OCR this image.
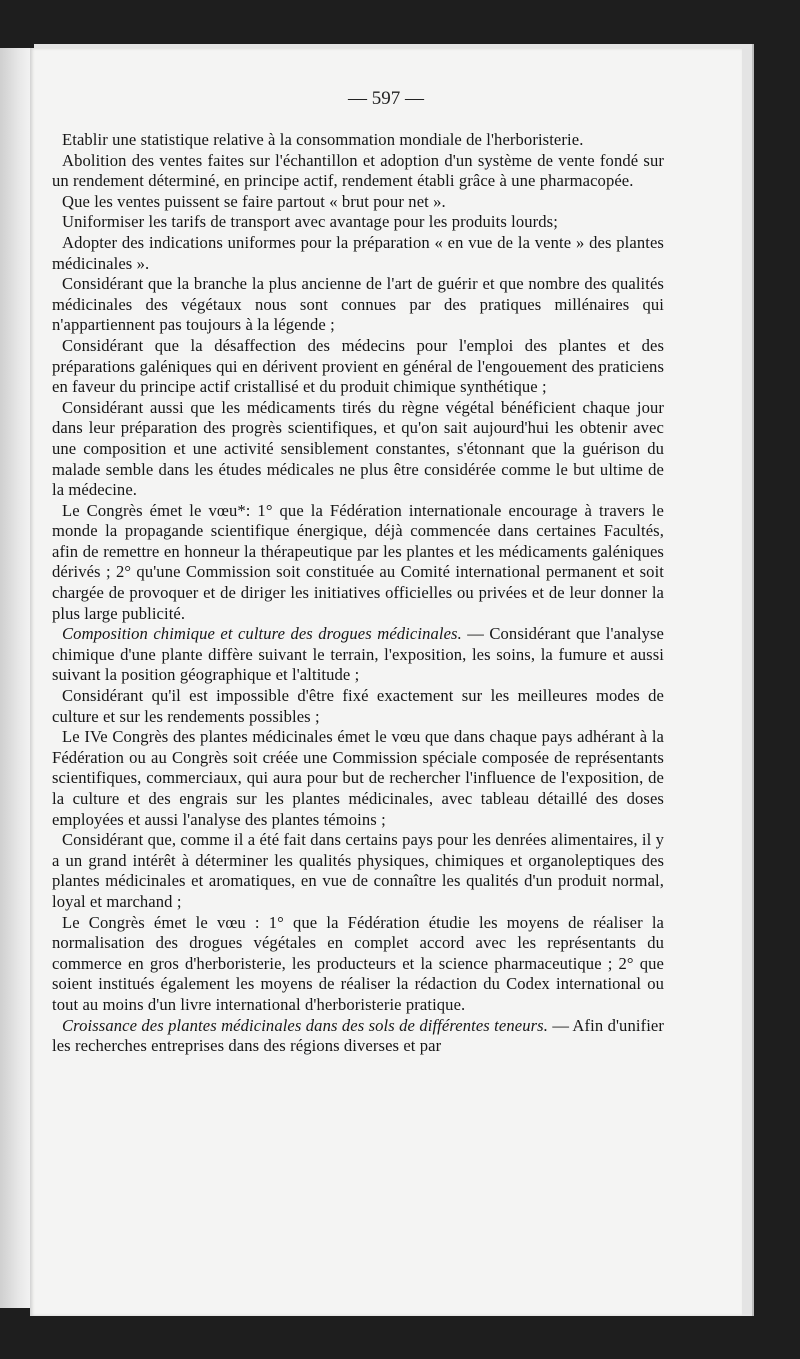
— 597 —

Etablir une statistique relative à la consommation mondiale de l'herboristerie.

Abolition des ventes faites sur l'échantillon et adoption d'un système de vente fondé sur un rendement déterminé, en principe actif, rendement établi grâce à une pharmacopée.

Que les ventes puissent se faire partout « brut pour net ».

Uniformiser les tarifs de transport avec avantage pour les produits lourds;

Adopter des indications uniformes pour la préparation « en vue de la vente » des plantes médicinales ».

Considérant que la branche la plus ancienne de l'art de guérir et que nombre des qualités médicinales des végétaux nous sont connues par des pratiques millénaires qui n'appartiennent pas toujours à la légende ;

Considérant que la désaffection des médecins pour l'emploi des plantes et des préparations galéniques qui en dérivent provient en général de l'engouement des praticiens en faveur du principe actif cristallisé et du produit chimique synthétique ;

Considérant aussi que les médicaments tirés du règne végétal bénéficient chaque jour dans leur préparation des progrès scientifiques, et qu'on sait aujourd'hui les obtenir avec une composition et une activité sensiblement constantes, s'étonnant que la guérison du malade semble dans les études médicales ne plus être considérée comme le but ultime de la médecine.

Le Congrès émet le vœu*: 1° que la Fédération internationale encourage à travers le monde la propagande scientifique énergique, déjà commencée dans certaines Facultés, afin de remettre en honneur la thérapeutique par les plantes et les médicaments galéniques dérivés ; 2° qu'une Commission soit constituée au Comité international permanent et soit chargée de provoquer et de diriger les initiatives officielles ou privées et de leur donner la plus large publicité.

Composition chimique et culture des drogues médicinales. — Considérant que l'analyse chimique d'une plante diffère suivant le terrain, l'exposition, les soins, la fumure et aussi suivant la position géographique et l'altitude ;

Considérant qu'il est impossible d'être fixé exactement sur les meilleures modes de culture et sur les rendements possibles ;

Le IVe Congrès des plantes médicinales émet le vœu que dans chaque pays adhérant à la Fédération ou au Congrès soit créée une Commission spéciale composée de représentants scientifiques, commerciaux, qui aura pour but de rechercher l'influence de l'exposition, de la culture et des engrais sur les plantes médicinales, avec tableau détaillé des doses employées et aussi l'analyse des plantes témoins ;

Considérant que, comme il a été fait dans certains pays pour les denrées alimentaires, il y a un grand intérêt à déterminer les qualités physiques, chimiques et organoleptiques des plantes médicinales et aromatiques, en vue de connaître les qualités d'un produit normal, loyal et marchand ;

Le Congrès émet le vœu : 1° que la Fédération étudie les moyens de réaliser la normalisation des drogues végétales en complet accord avec les représentants du commerce en gros d'herboristerie, les producteurs et la science pharmaceutique ; 2° que soient institués également les moyens de réaliser la rédaction du Codex international ou tout au moins d'un livre international d'herboristerie pratique.

Croissance des plantes médicinales dans des sols de différentes teneurs. — Afin d'unifier les recherches entreprises dans des régions diverses et par
